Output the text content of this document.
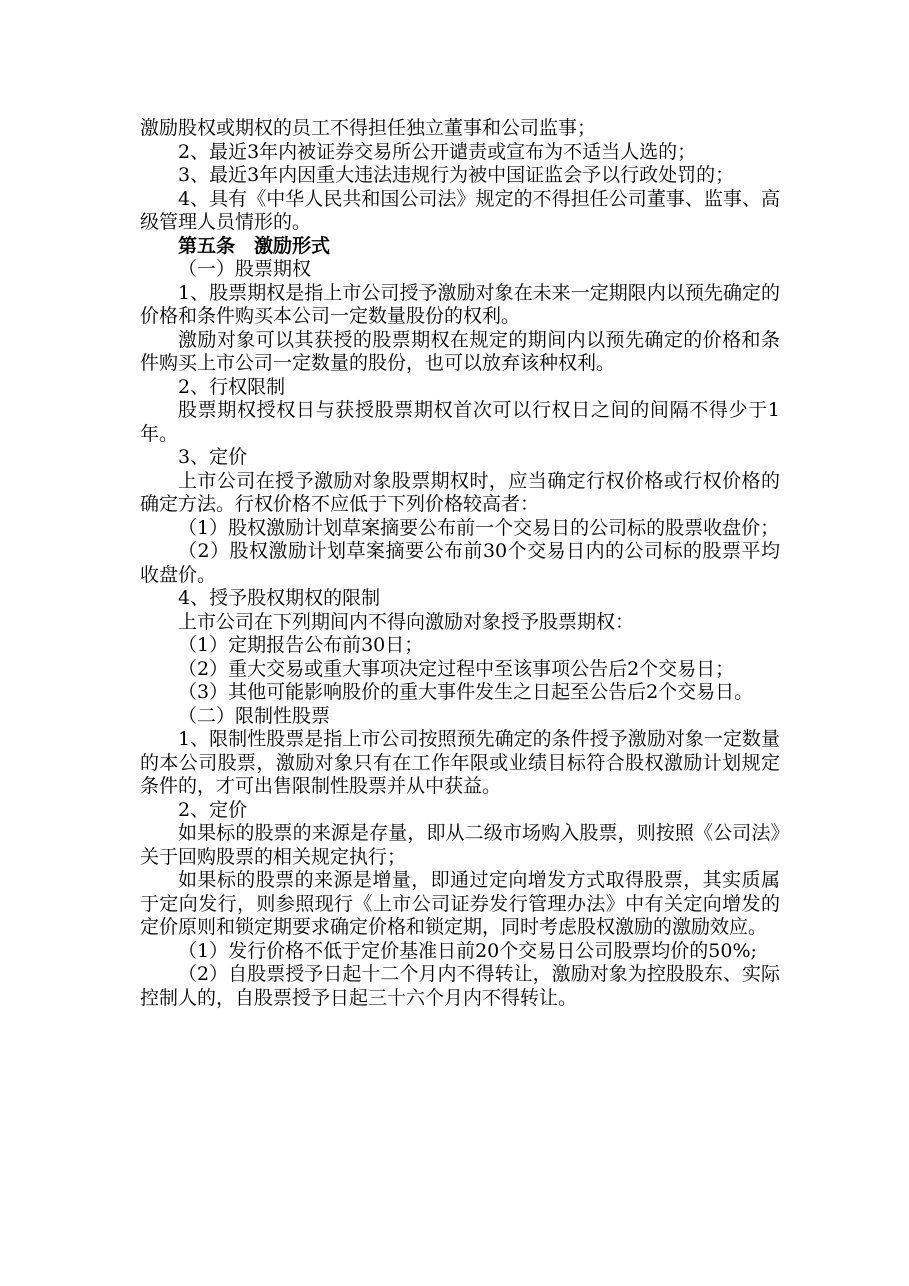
激励股权或期权的员工不得担任独立董事和公司监事；

2、最近3年内被证券交易所公开谴责或宣布为不适当人选的；

3、最近3年内因重大违法违规行为被中国证监会予以行政处罚的；

4、具有《中华人民共和国公司法》规定的不得担任公司董事、监事、高级管理人员情形的。

第五条　激励形式

（一）股票期权

1、股票期权是指上市公司授予激励对象在未来一定期限内以预先确定的价格和条件购买本公司一定数量股份的权利。

激励对象可以其获授的股票期权在规定的期间内以预先确定的价格和条件购买上市公司一定数量的股份，也可以放弃该种权利。

2、行权限制

股票期权授权日与获授股票期权首次可以行权日之间的间隔不得少于1年。

3、定价

上市公司在授予激励对象股票期权时，应当确定行权价格或行权价格的确定方法。行权价格不应低于下列价格较高者：

（1）股权激励计划草案摘要公布前一个交易日的公司标的股票收盘价；

（2）股权激励计划草案摘要公布前30个交易日内的公司标的股票平均收盘价。

4、授予股权期权的限制

上市公司在下列期间内不得向激励对象授予股票期权：

（1）定期报告公布前30日；

（2）重大交易或重大事项决定过程中至该事项公告后2个交易日；

（3）其他可能影响股价的重大事件发生之日起至公告后2个交易日。

（二）限制性股票

1、限制性股票是指上市公司按照预先确定的条件授予激励对象一定数量的本公司股票，激励对象只有在工作年限或业绩目标符合股权激励计划规定条件的，才可出售限制性股票并从中获益。

2、定价

如果标的股票的来源是存量，即从二级市场购入股票，则按照《公司法》关于回购股票的相关规定执行；

如果标的股票的来源是增量，即通过定向增发方式取得股票，其实质属于定向发行，则参照现行《上市公司证券发行管理办法》中有关定向增发的定价原则和锁定期要求确定价格和锁定期，同时考虑股权激励的激励效应。

（1）发行价格不低于定价基准日前20个交易日公司股票均价的50%;

（2）自股票授予日起十二个月内不得转让，激励对象为控股股东、实际控制人的，自股票授予日起三十六个月内不得转让。
